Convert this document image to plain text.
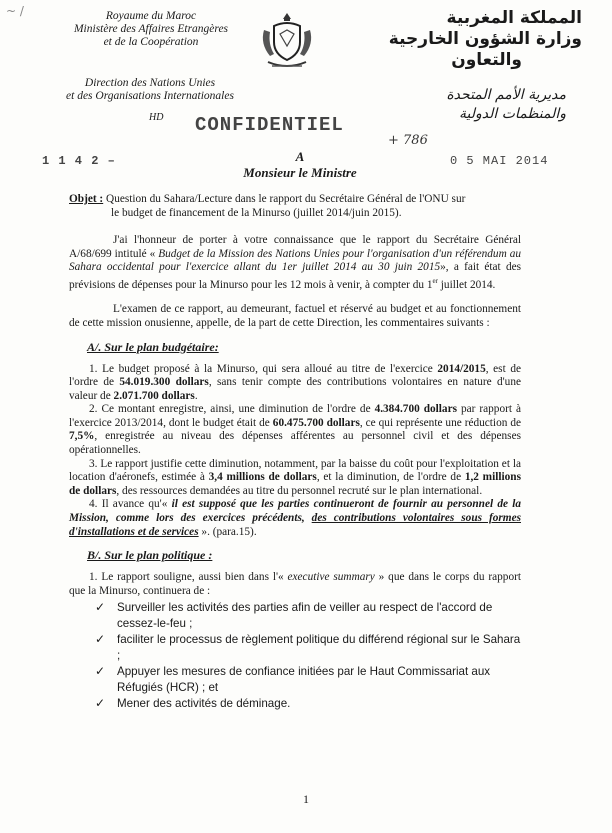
~ /	Royaume du Maroc
Ministère des Affaires Etrangères
et de la Coopération
Direction des Nations Unies
et des Organisations Internationales
المملكة المغربية
وزارة الشؤون الخارجية
والتعاون
مديرية الأمم المتحدة
والمنظمات الدولية
HD CONFIDENTIEL
+ 786
1 1 4 2 –	0 5 MAI 2014
A
Monsieur le Ministre

Objet : Question du Sahara/Lecture dans le rapport du Secrétaire Général de l'ONU sur
le budget de financement de la Minurso (juillet 2014/juin 2015).

J'ai l'honneur de porter à votre connaissance que le rapport du Secrétaire Général A/68/699 intitulé « Budget de la Mission des Nations Unies pour l'organisation d'un référendum au Sahara occidental pour l'exercice allant du 1er juillet 2014 au 30 juin 2015», a fait état des prévisions de dépenses pour la Minurso pour les 12 mois à venir, à compter du 1er juillet 2014.

L'examen de ce rapport, au demeurant, factuel et réservé au budget et au fonctionnement de cette mission onusienne, appelle, de la part de cette Direction, les commentaires suivants :

A/. Sur le plan budgétaire:

1. Le budget proposé à la Minurso, qui sera alloué au titre de l'exercice 2014/2015, est de l'ordre de 54.019.300 dollars, sans tenir compte des contributions volontaires en nature d'une valeur de 2.071.700 dollars.

2. Ce montant enregistre, ainsi, une diminution de l'ordre de 4.384.700 dollars par rapport à l'exercice 2013/2014, dont le budget était de 60.475.700 dollars, ce qui représente une réduction de 7,5%, enregistrée au niveau des dépenses afférentes au personnel civil et des dépenses opérationnelles.

3. Le rapport justifie cette diminution, notamment, par la baisse du coût pour l'exploitation et la location d'aéronefs, estimée à 3,4 millions de dollars, et la diminution, de l'ordre de 1,2 millions de dollars, des ressources demandées au titre du personnel recruté sur le plan international.

4. Il avance qu'« il est supposé que les parties continueront de fournir au personnel de la Mission, comme lors des exercices précédents, des contributions volontaires sous formes d'installations et de services ». (para.15).

B/. Sur le plan politique :

1. Le rapport souligne, aussi bien dans l'« executive summary » que dans le corps du rapport que la Minurso, continuera de :

✓ Surveiller les activités des parties afin de veiller au respect de l'accord de cessez-le-feu ;
✓ faciliter le processus de règlement politique du différend régional sur le Sahara ;
✓ Appuyer les mesures de confiance initiées par le Haut Commissariat aux Réfugiés (HCR) ; et
✓ Mener des activités de déminage.
1
